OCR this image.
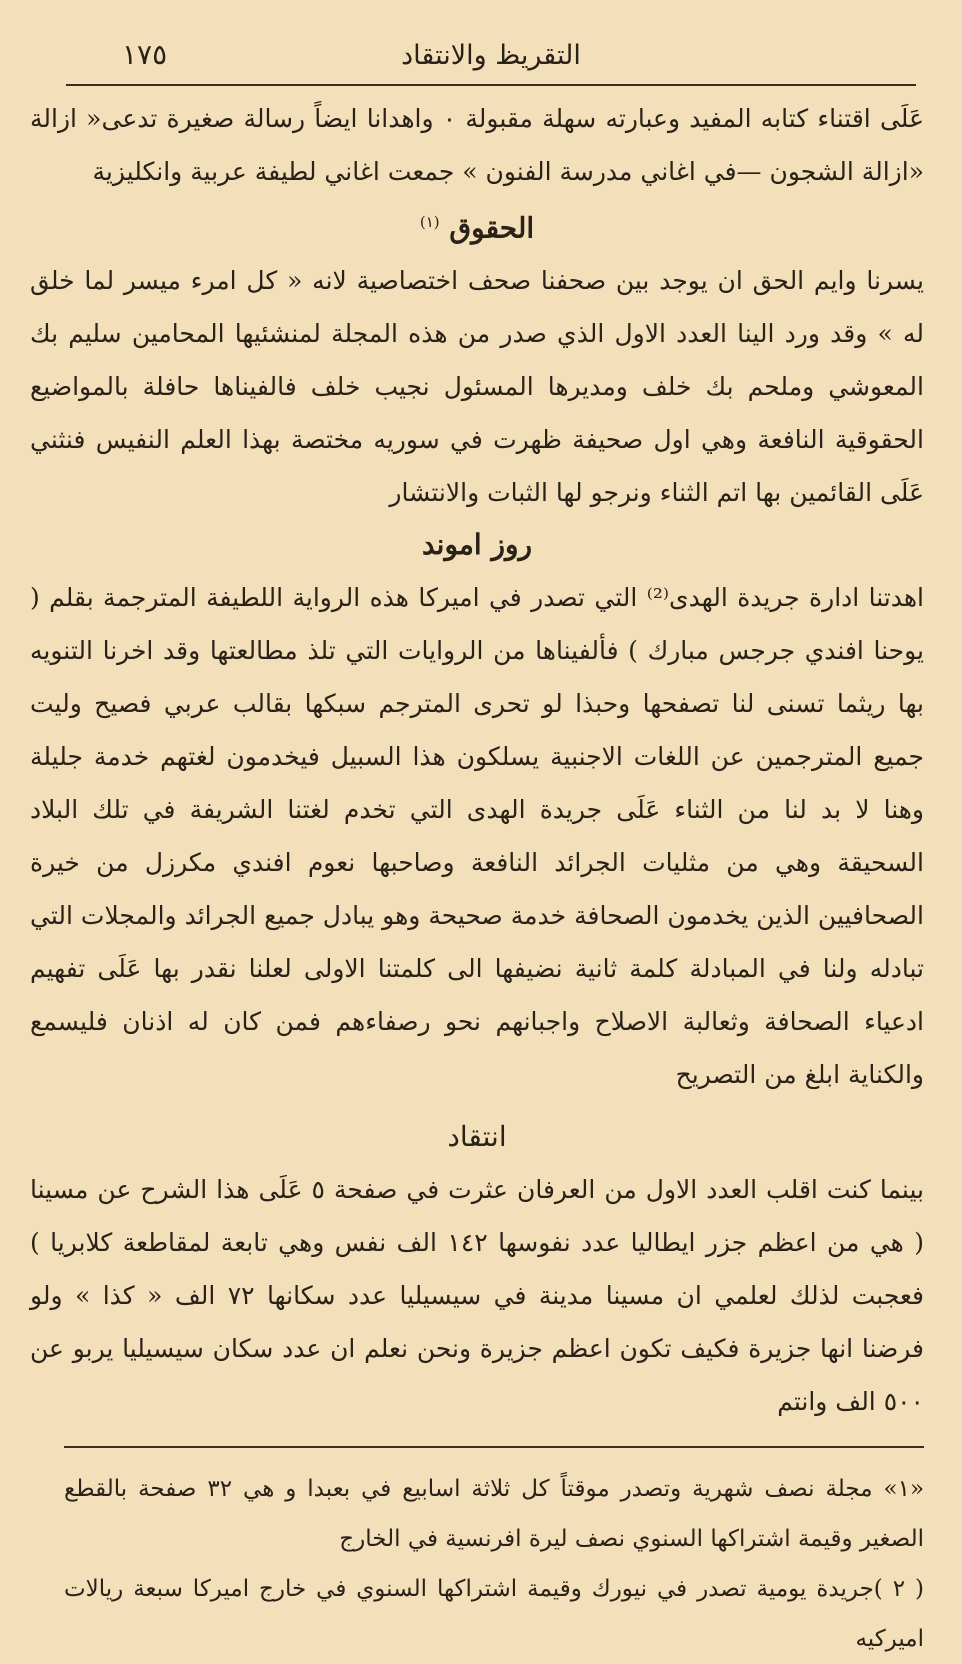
التقريظ والانتقاد
١٧٥

عَلَى اقتناء كتابه المفيد وعبارته سهلة مقبولة ٠ واهدانا ايضاً رسالة صغيرة تدعى« ازالة «ازالة الشجون —في اغاني مدرسة الفنون » جمعت اغاني لطيفة عربية وانكليزية

الحقوق $^{(١)}$

يسرنا وايم الحق ان يوجد بين صحفنا صحف اختصاصية لانه « كل امرء ميسر لما خلق له » وقد ورد الينا العدد الاول الذي صدر من هذه المجلة لمنشئيها المحامين سليم بك المعوشي وملحم بك خلف ومديرها المسئول نجيب خلف فالفيناها حافلة بالمواضيع الحقوقية النافعة وهي اول صحيفة ظهرت في سوريه مختصة بهذا العلم النفيس فنثني عَلَى القائمين بها اتم الثناء ونرجو لها الثبات والانتشار

روز اموند

اهدتنا ادارة جريدة الهدى⁽²⁾ التي تصدر في اميركا هذه الرواية اللطيفة المترجمة بقلم ( يوحنا افندي جرجس مبارك ) فألفيناها من الروايات التي تلذ مطالعتها وقد اخرنا التنويه بها ريثما تسنى لنا تصفحها وحبذا لو تحرى المترجم سبكها بقالب عربي فصيح وليت جميع المترجمين عن اللغات الاجنبية يسلكون هذا السبيل فيخدمون لغتهم خدمة جليلة وهنا لا بد لنا من الثناء عَلَى جريدة الهدى التي تخدم لغتنا الشريفة في تلك البلاد السحيقة وهي من مثليات الجرائد النافعة وصاحبها نعوم افندي مكرزل من خيرة الصحافيين الذين يخدمون الصحافة خدمة صحيحة وهو يبادل جميع الجرائد والمجلات التي تبادله ولنا في المبادلة كلمة ثانية نضيفها الى كلمتنا الاولى لعلنا نقدر بها عَلَى تفهيم ادعياء الصحافة وثعالبة الاصلاح واجبانهم نحو رصفاءهم فمن كان له اذنان فليسمع والكناية ابلغ من التصريح

انتقاد

بينما كنت اقلب العدد الاول من العرفان عثرت في صفحة ٥ عَلَى هذا الشرح عن مسينا ( هي من اعظم جزر ايطاليا عدد نفوسها ١٤٢ الف نفس وهي تابعة لمقاطعة كلابريا ) فعجبت لذلك لعلمي ان مسينا مدينة في سيسيليا عدد سكانها ٧٢ الف « كذا » ولو فرضنا انها جزيرة فكيف تكون اعظم جزيرة ونحن نعلم ان عدد سكان سيسيليا يربو عن ٥٠٠ الف وانتم

«١» مجلة نصف شهرية وتصدر موقتاً كل ثلاثة اسابيع في بعبدا و هي ٣٢ صفحة بالقطع الصغير وقيمة اشتراكها السنوي نصف ليرة افرنسية في الخارج

( ٢ )جريدة يومية تصدر في نيورك وقيمة اشتراكها السنوي في خارج اميركا سبعة ريالات اميركيه
